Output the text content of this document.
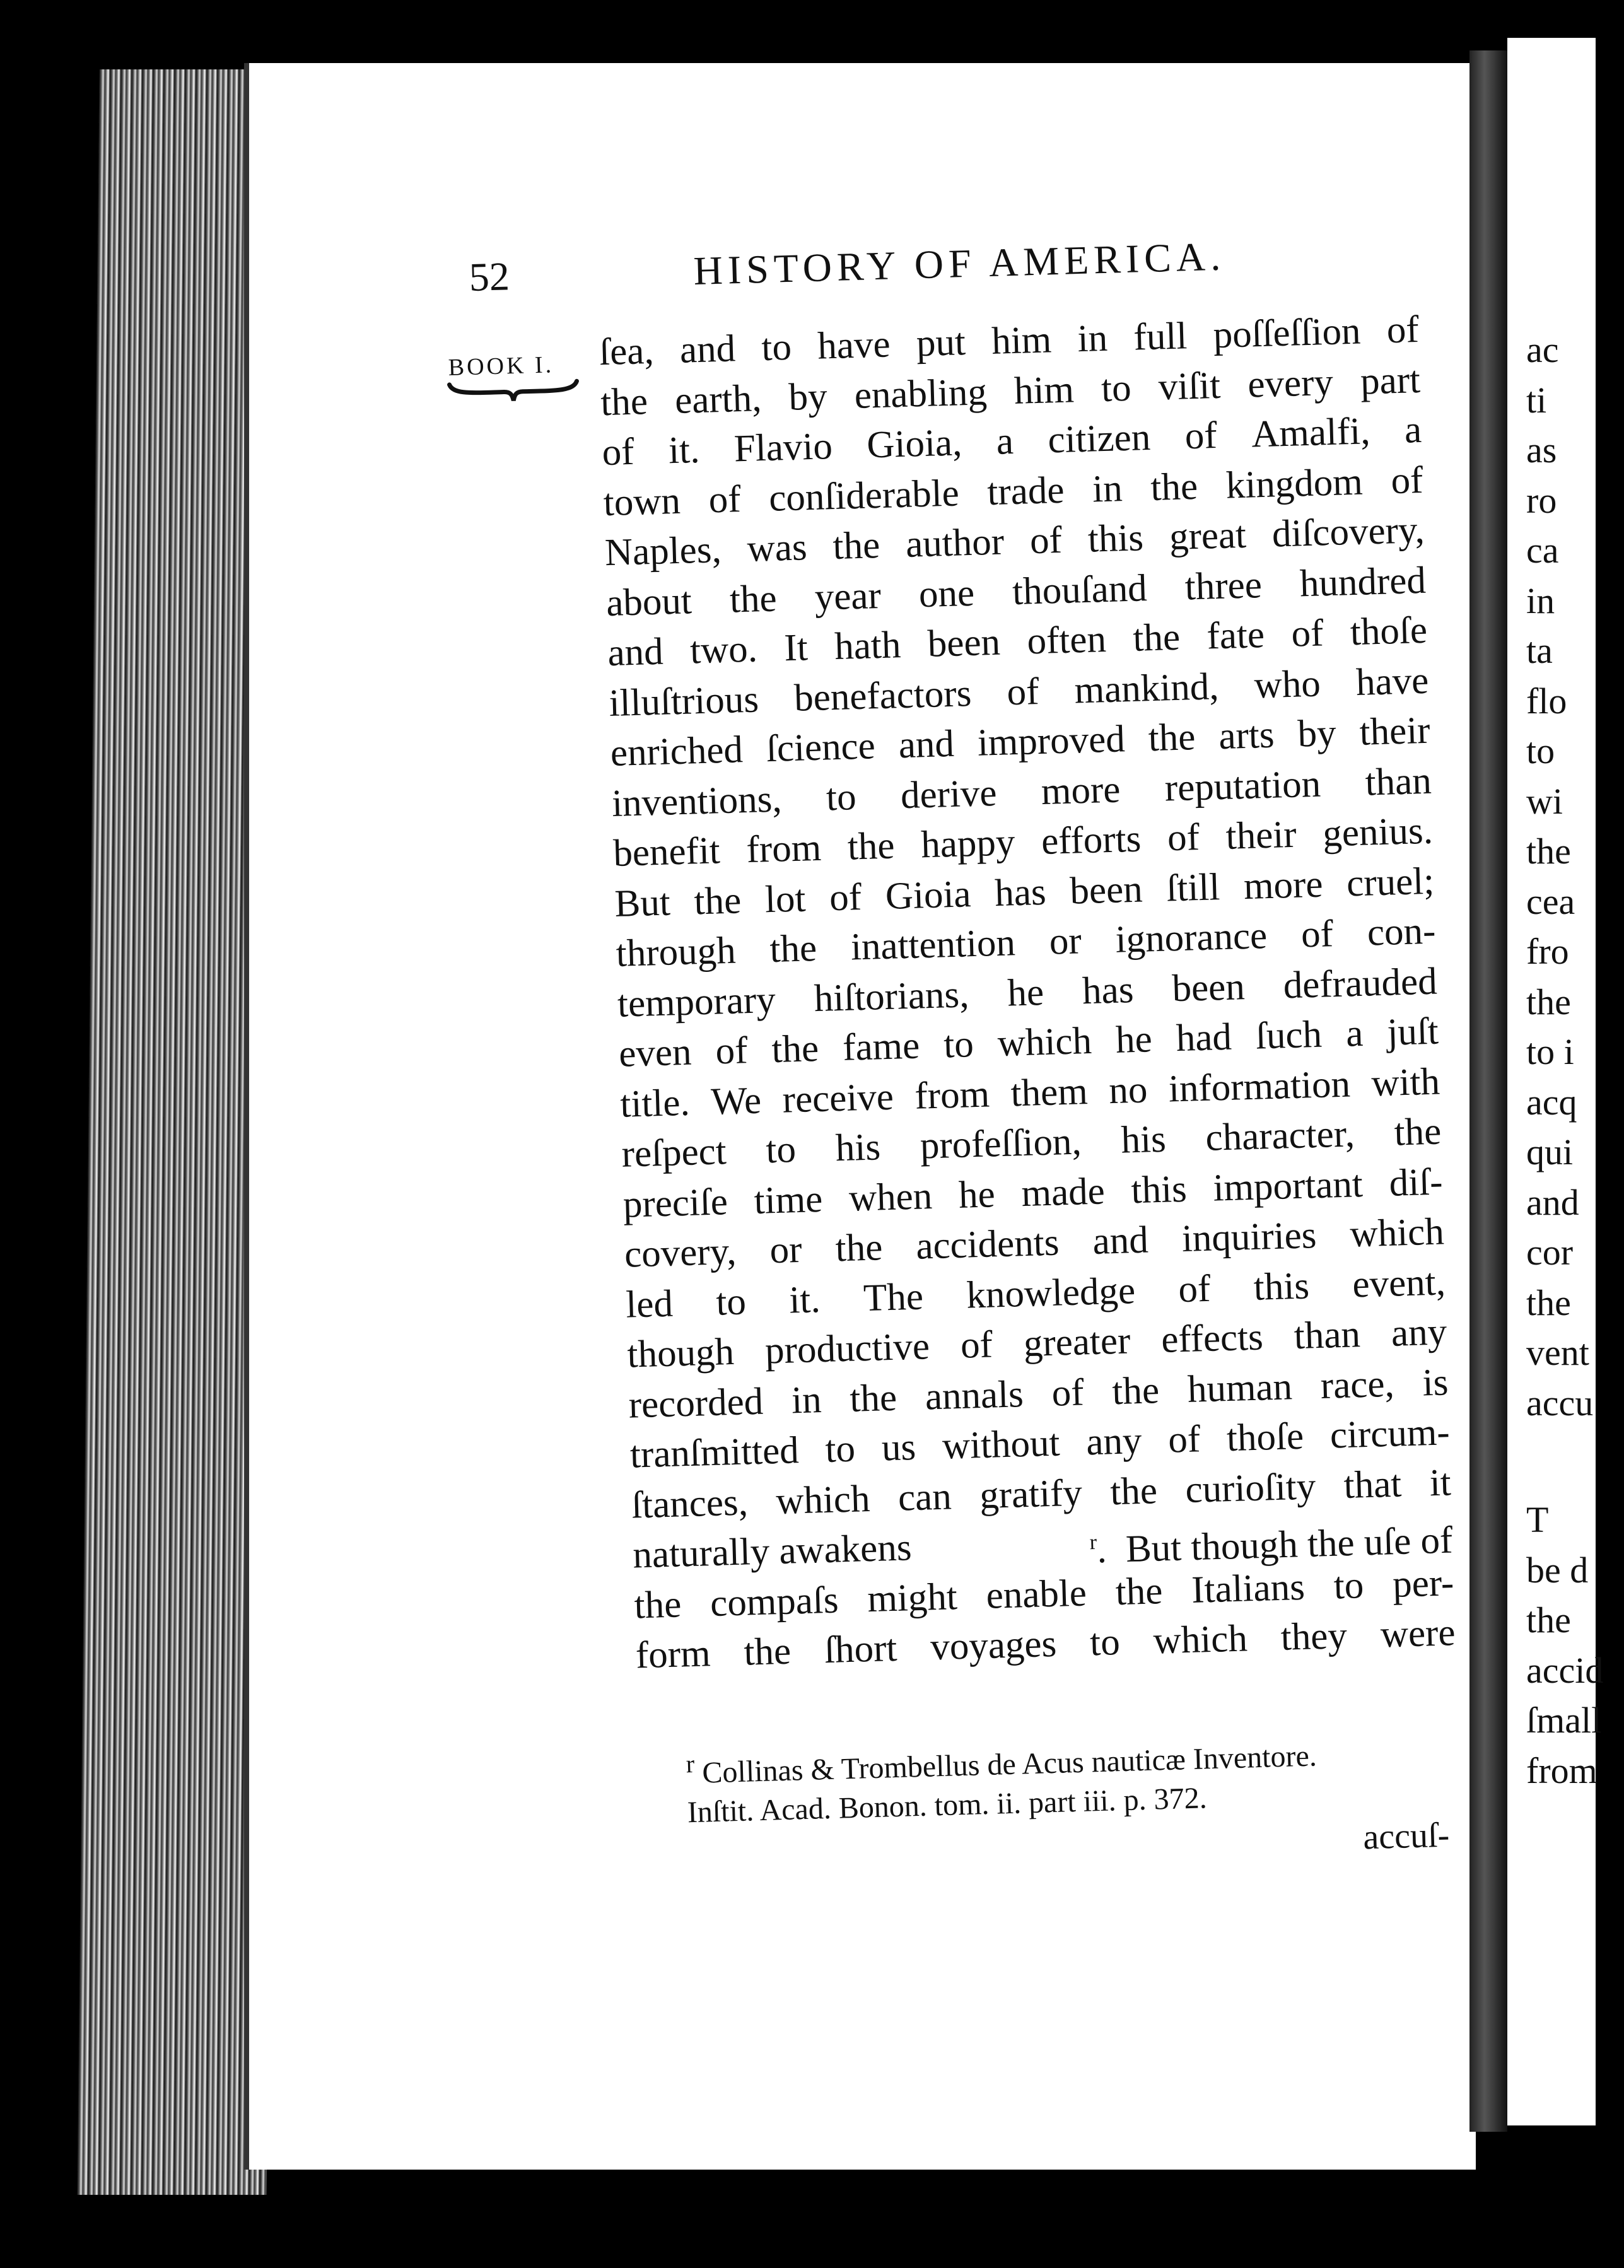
52	HISTORY OF AMERICA.
BOOK I. ſea, and to have put him in full poſſeſſion of
the earth, by enabling him to viſit every part
of it. Flavio Gioia, a citizen of Amalfi, a
town of conſiderable trade in the kingdom of
Naples, was the author of this great diſcovery,
about the year one thouſand three hundred
and two. It hath been often the fate of thoſe
illuſtrious benefactors of mankind, who have
enriched ſcience and improved the arts by their
inventions, to derive more reputation than
benefit from the happy efforts of their genius.
But the lot of Gioia has been ſtill more cruel;
through the inattention or ignorance of con-
temporary hiſtorians, he has been defrauded
even of the fame to which he had ſuch a juſt
title. We receive from them no information with
reſpect to his profeſſion, his character, the
preciſe time when he made this important diſ-
covery, or the accidents and inquiries which
led to it. The knowledge of this event,
though productive of greater effects than any
recorded in the annals of the human race, is
tranſmitted to us without any of thoſe circum-
ſtances, which can gratify the curioſity that it
naturally awakens	$^r$.  But though the uſe of
the compaſs might enable the Italians to per-
form the ſhort voyages to which they were
$^r$ Collinas & Trombellus de Acus nauticæ Inventore.
Inſtit. Acad. Bonon. tom. ii. part iii. p. 372.
accuſ-
ac
ti
as
ro
ca
in
ta
flo
to
wi
the
cea
fro
the
to i
acq
qui
and
cor
the
vent
accu
T
be d
the
accid
ſmall
from
